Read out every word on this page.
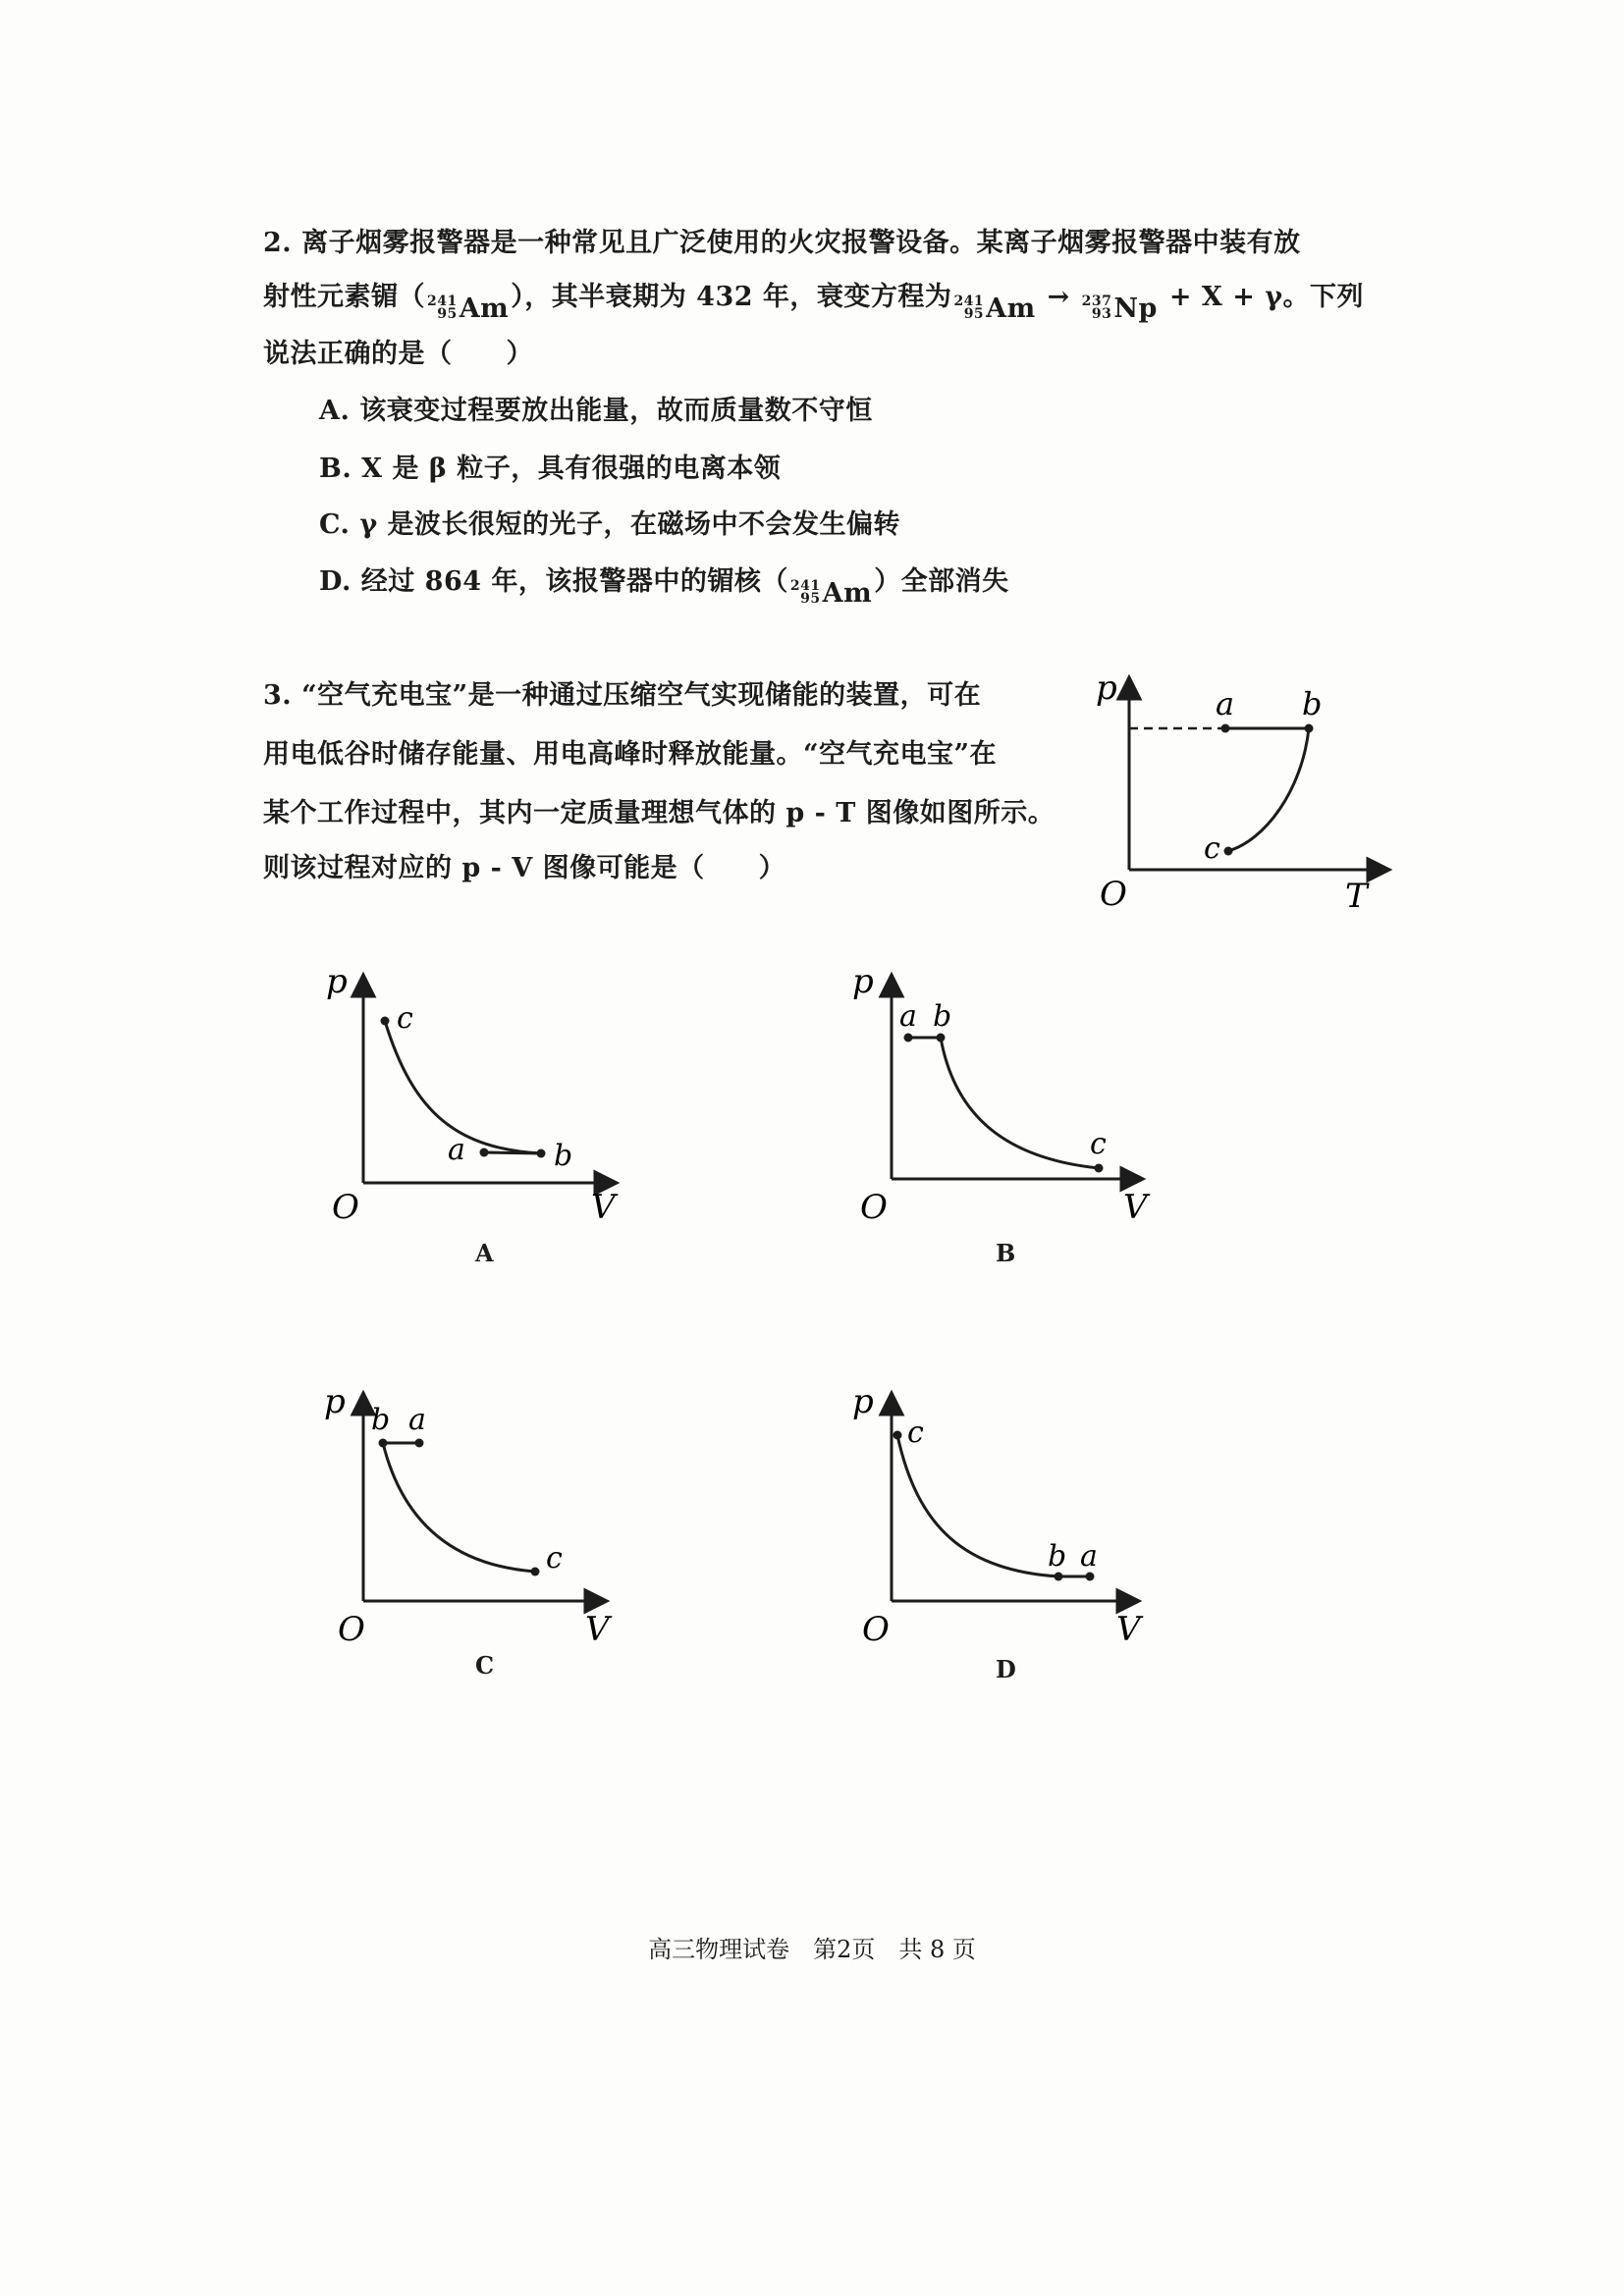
2. 离子烟雾报警器是一种常见且广泛使用的火灾报警设备。某离子烟雾报警器中装有放
射性元素镅（ 241
95 Am ），其半衰期为 432 年，衰变方程为 241
95 Am → 237
93 Np + X + γ。下列
说法正确的是（　　）
A. 该衰变过程要放出能量，故而质量数不守恒
B. X 是 β 粒子，具有很强的电离本领
C. γ 是波长很短的光子，在磁场中不会发生偏转
D. 经过 864 年，该报警器中的镅核（ 241
95 Am ）全部消失
3. “空气充电宝”是一种通过压缩空气实现储能的装置，可在
用电低谷时储存能量、用电高峰时释放能量。“空气充电宝”在
某个工作过程中，其内一定质量理想气体的 p - T 图像如图所示。
则该过程对应的 p - V 图像可能是（　　）
p
T
O
a b
c
p
V
O
c
a	b
A
p
V
O
a b
c
B
p
V
O
b a
c
C
p
V
O
c
b a
D
高三物理试卷　第2页　共 8 页
